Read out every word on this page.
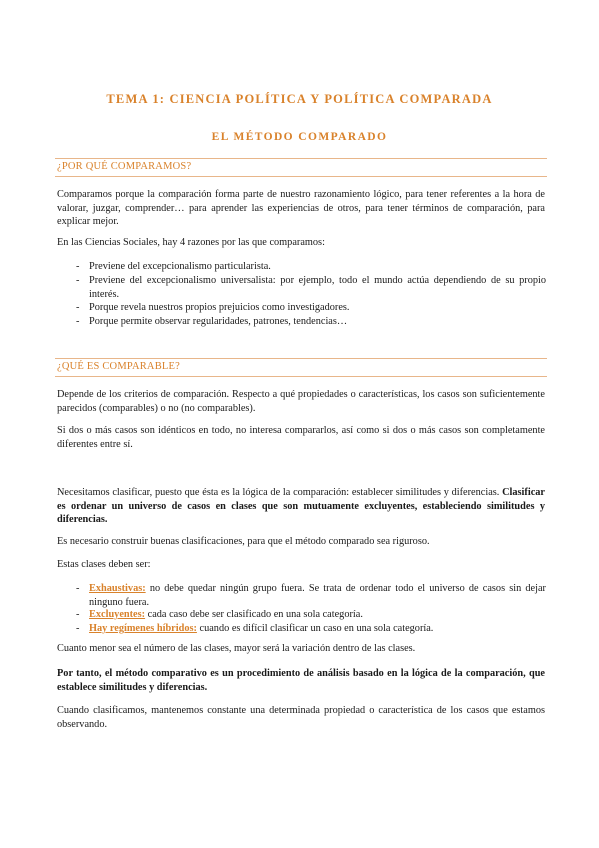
TEMA 1: CIENCIA POLÍTICA Y POLÍTICA COMPARADA
EL MÉTODO COMPARADO
¿POR QUÉ COMPARAMOS?

Comparamos porque la comparación forma parte de nuestro razonamiento lógico, para tener referentes a la hora de valorar, juzgar, comprender… para aprender las experiencias de otros, para tener términos de comparación, para explicar mejor.

En las Ciencias Sociales, hay 4 razones por las que comparamos:

- Previene del excepcionalismo particularista.
- Previene del excepcionalismo universalista: por ejemplo, todo el mundo actúa dependiendo de su propio interés.
- Porque revela nuestros propios prejuicios como investigadores.
- Porque permite observar regularidades, patrones, tendencias…
¿QUÉ ES COMPARABLE?

Depende de los criterios de comparación. Respecto a qué propiedades o características, los casos son suficientemente parecidos (comparables) o no (no comparables).

Si dos o más casos son idénticos en todo, no interesa compararlos, así como si dos o más casos son completamente diferentes entre sí.

Necesitamos clasificar, puesto que ésta es la lógica de la comparación: establecer similitudes y diferencias. Clasificar es ordenar un universo de casos en clases que son mutuamente excluyentes, estableciendo similitudes y diferencias.

Es necesario construir buenas clasificaciones, para que el método comparado sea riguroso.

Estas clases deben ser:

- Exhaustivas: no debe quedar ningún grupo fuera. Se trata de ordenar todo el universo de casos sin dejar ninguno fuera.
- Excluyentes: cada caso debe ser clasificado en una sola categoría.
- Hay regímenes híbridos: cuando es difícil clasificar un caso en una sola categoría.

Cuanto menor sea el número de las clases, mayor será la variación dentro de las clases.

Por tanto, el método comparativo es un procedimiento de análisis basado en la lógica de la comparación, que establece similitudes y diferencias.

Cuando clasificamos, mantenemos constante una determinada propiedad o característica de los casos que estamos observando.
